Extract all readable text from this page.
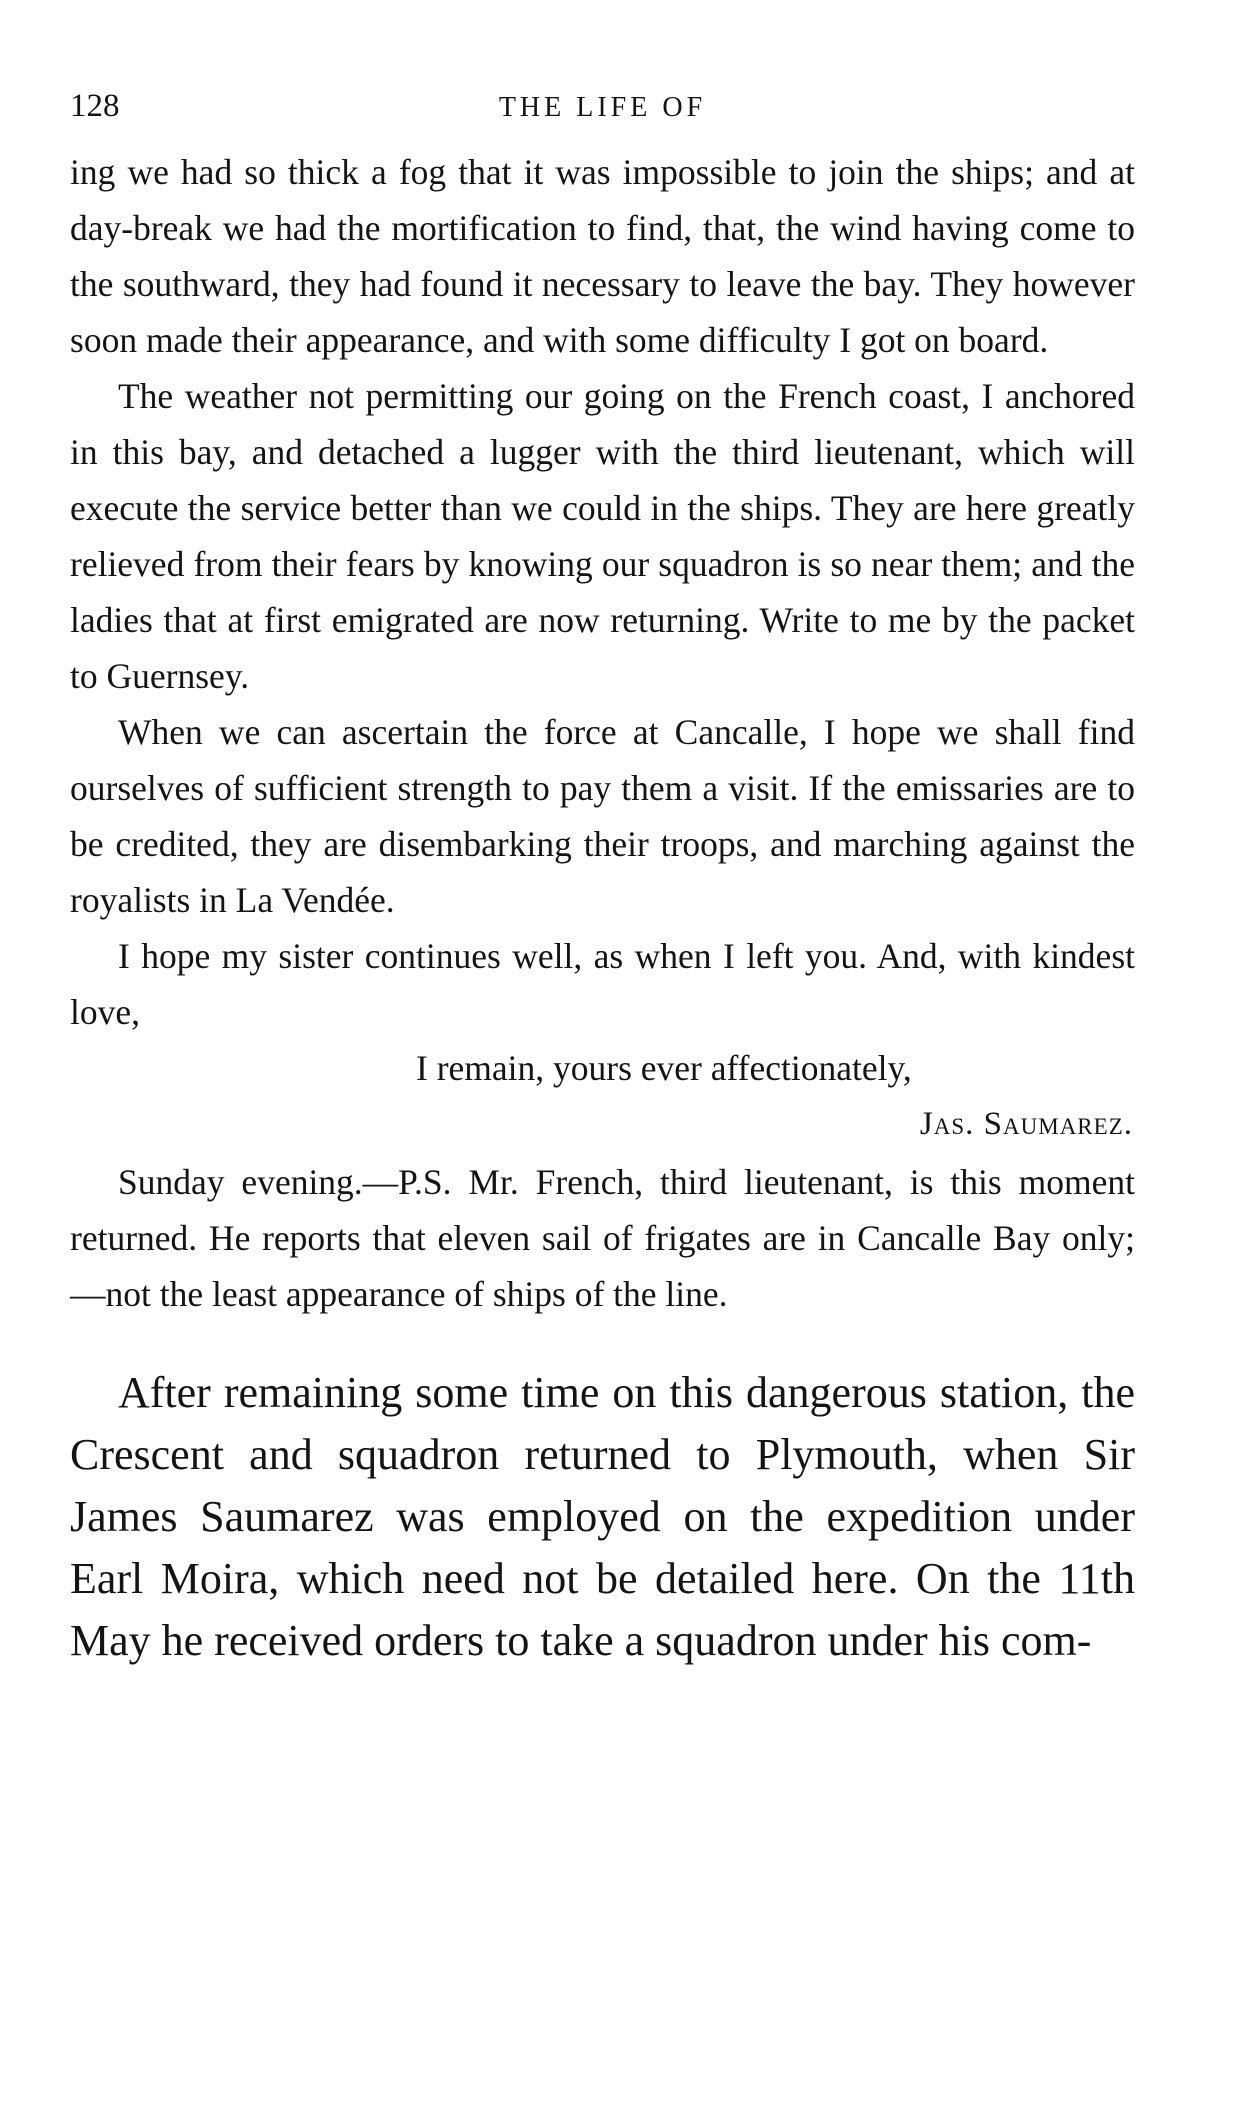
128	THE LIFE OF

ing we had so thick a fog that it was impossible to join the ships; and at day-break we had the mortification to find, that, the wind having come to the southward, they had found it necessary to leave the bay. They however soon made their appearance, and with some difficulty I got on board.

The weather not permitting our going on the French coast, I anchored in this bay, and detached a lugger with the third lieutenant, which will execute the service better than we could in the ships. They are here greatly relieved from their fears by knowing our squadron is so near them; and the ladies that at first emigrated are now returning. Write to me by the packet to Guernsey.

When we can ascertain the force at Cancalle, I hope we shall find ourselves of sufficient strength to pay them a visit. If the emissaries are to be credited, they are disembarking their troops, and marching against the royalists in La Vendée.

I hope my sister continues well, as when I left you. And, with kindest love,

I remain, yours ever affectionately,

Jas. Saumarez.

Sunday evening.—P.S. Mr. French, third lieutenant, is this moment returned. He reports that eleven sail of frigates are in Cancalle Bay only;—not the least appearance of ships of the line.

After remaining some time on this dangerous station, the Crescent and squadron returned to Plymouth, when Sir James Saumarez was employed on the expedition under Earl Moira, which need not be detailed here. On the 11th May he received orders to take a squadron under his com-
